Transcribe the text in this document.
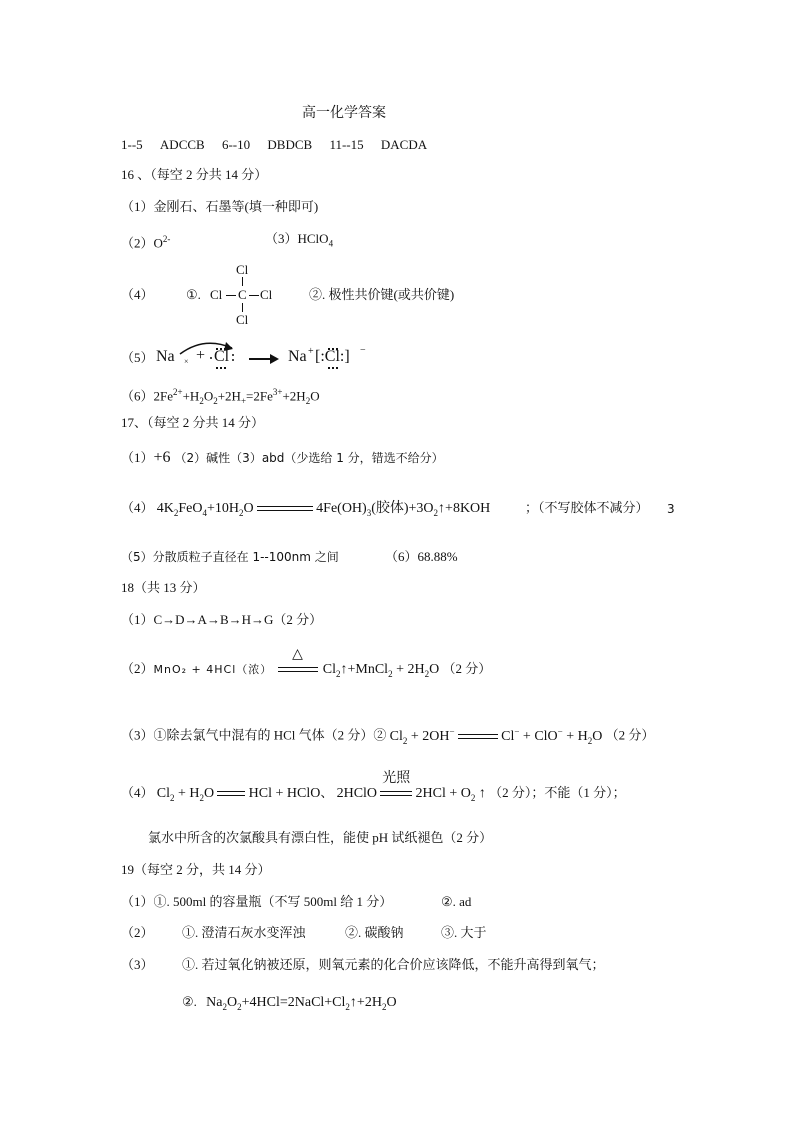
高一化学答案
1--5 ADCCB 6--10 DBDCB 11--15 DACDA
16 、（每空 2 分共 14 分）
（1）金刚石、石墨等(填一种即可)
$(2)O^{2-}$	（3）HClO$_4$
（4） ①.
Cl
Cl C Cl
Cl
②. 极性共价键(或共价键)
（5） Na × + Cl	Na + [:Cl:] −
$(6)2Fe^{2+}+H_2O_2+2H_+=2Fe^{3+}+2H_2O$
17、（每空 2 分共 14 分）
（1）+6 （2）碱性（3）abd（少选给 1 分，错选不给分）
（4） $4K_2FeO_4+10H_2O$	$4Fe(OH)_3$(胶体)$+3O_2↑+8KOH$	；（不写胶体不减分） 3
（5）分散质粒子直径在 1--100nm 之间	（6）68.88%
18（共 13 分）
（1）C→D→A→B→H→G（2 分）
（2）MnO₂ + 4HCl（浓）
△
$Cl_2↑+MnCl_2 + 2H_2O$ （2 分）
（3）①除去氯气中混有的 HCl 气体（2 分）② $Cl_2 + 2OH^-$	$Cl^- + ClO^- + H_2O$ （2 分）
（4） $Cl_2 + H_2O$ HCl + HClO、 2HClO
光照
$2HCl + O_2$ ↑ （2 分）；不能（1 分）；
氯水中所含的次氯酸具有漂白性，能使 pH 试纸褪色（2 分）
19（每空 2 分，共 14 分）
（1）①. 500ml 的容量瓶（不写 500ml 给 1 分）	②. ad
（2） ①. 澄清石灰水变浑浊	②. 碳酸钠	③. 大于
（3） ①. 若过氧化钠被还原，则氧元素的化合价应该降低，不能升高得到氧气；
②. $Na_2O_2+4HCl=2NaCl+Cl_2↑+2H_2O$
